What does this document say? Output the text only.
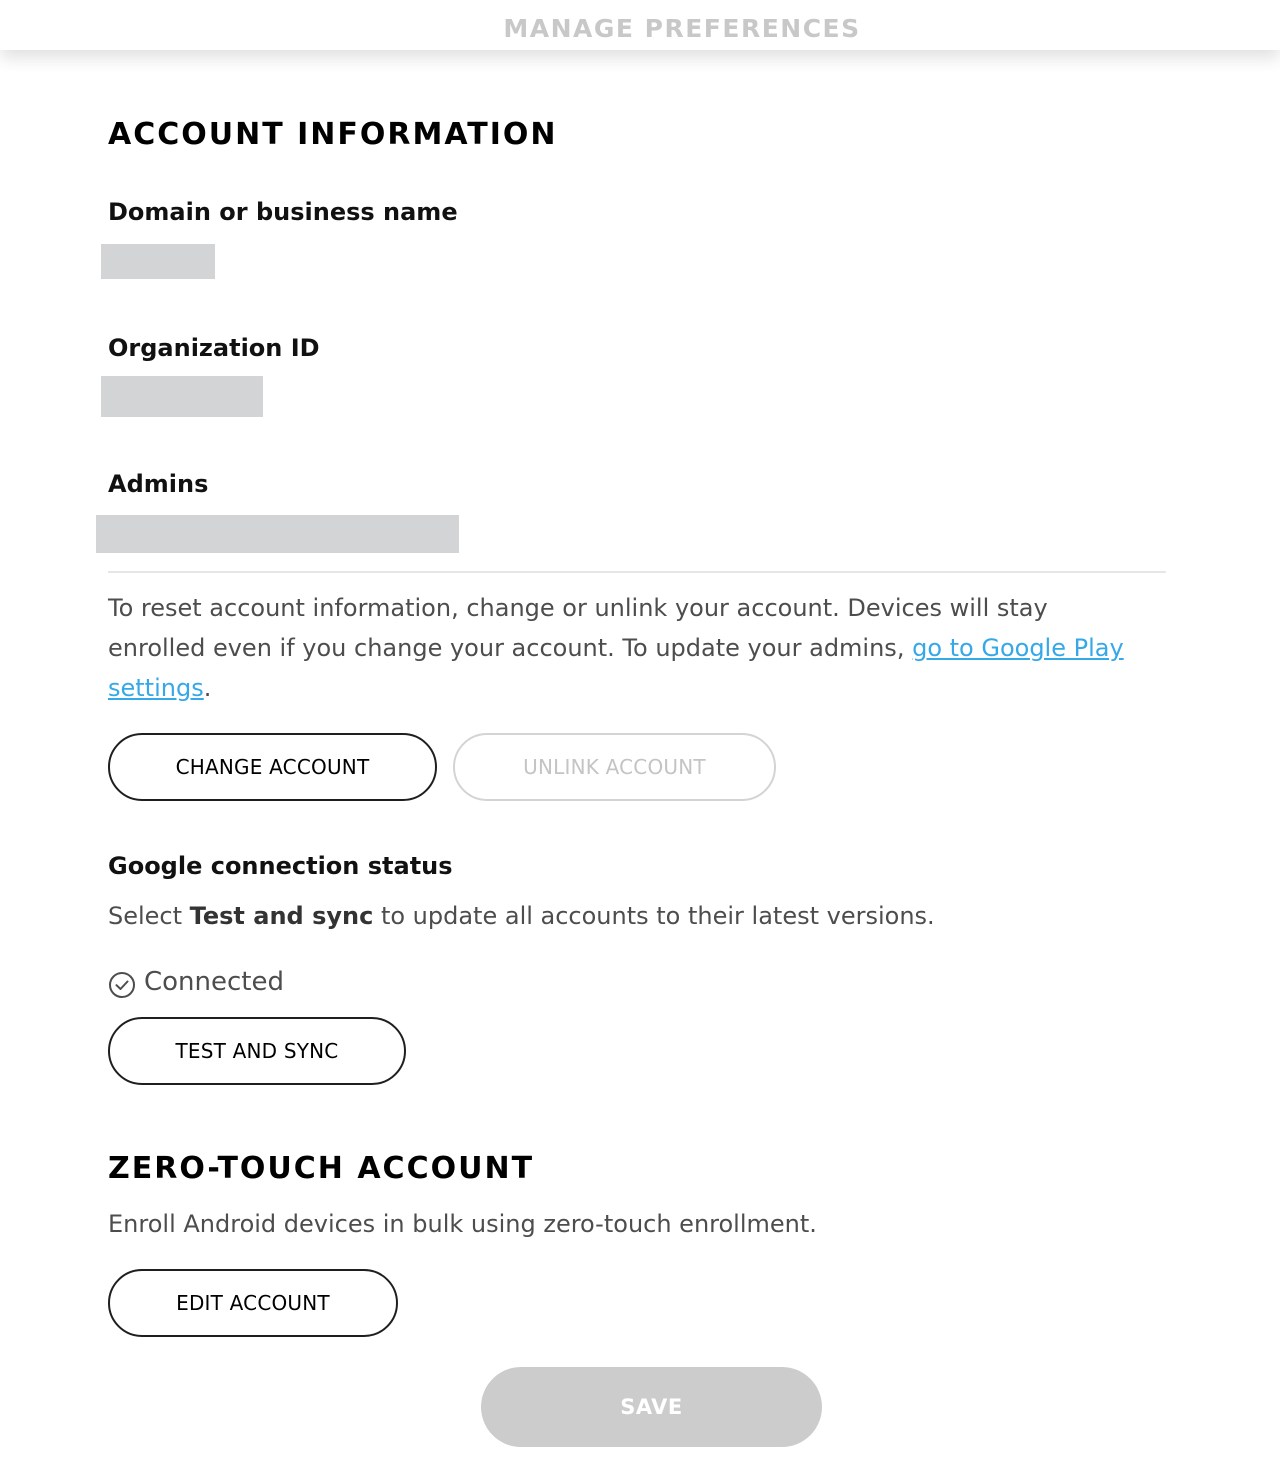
MANAGE PREFERENCES
ACCOUNT INFORMATION
Domain or business name
Organization ID
Admins
To reset account information, change or unlink your account. Devices will stay enrolled even if you change your account. To update your admins, go to Google Play settings.
CHANGE ACCOUNT	UNLINK ACCOUNT
Google connection status
Select Test and sync to update all accounts to their latest versions.
Connected
TEST AND SYNC
ZERO-TOUCH ACCOUNT
Enroll Android devices in bulk using zero-touch enrollment.
EDIT ACCOUNT
SAVE
